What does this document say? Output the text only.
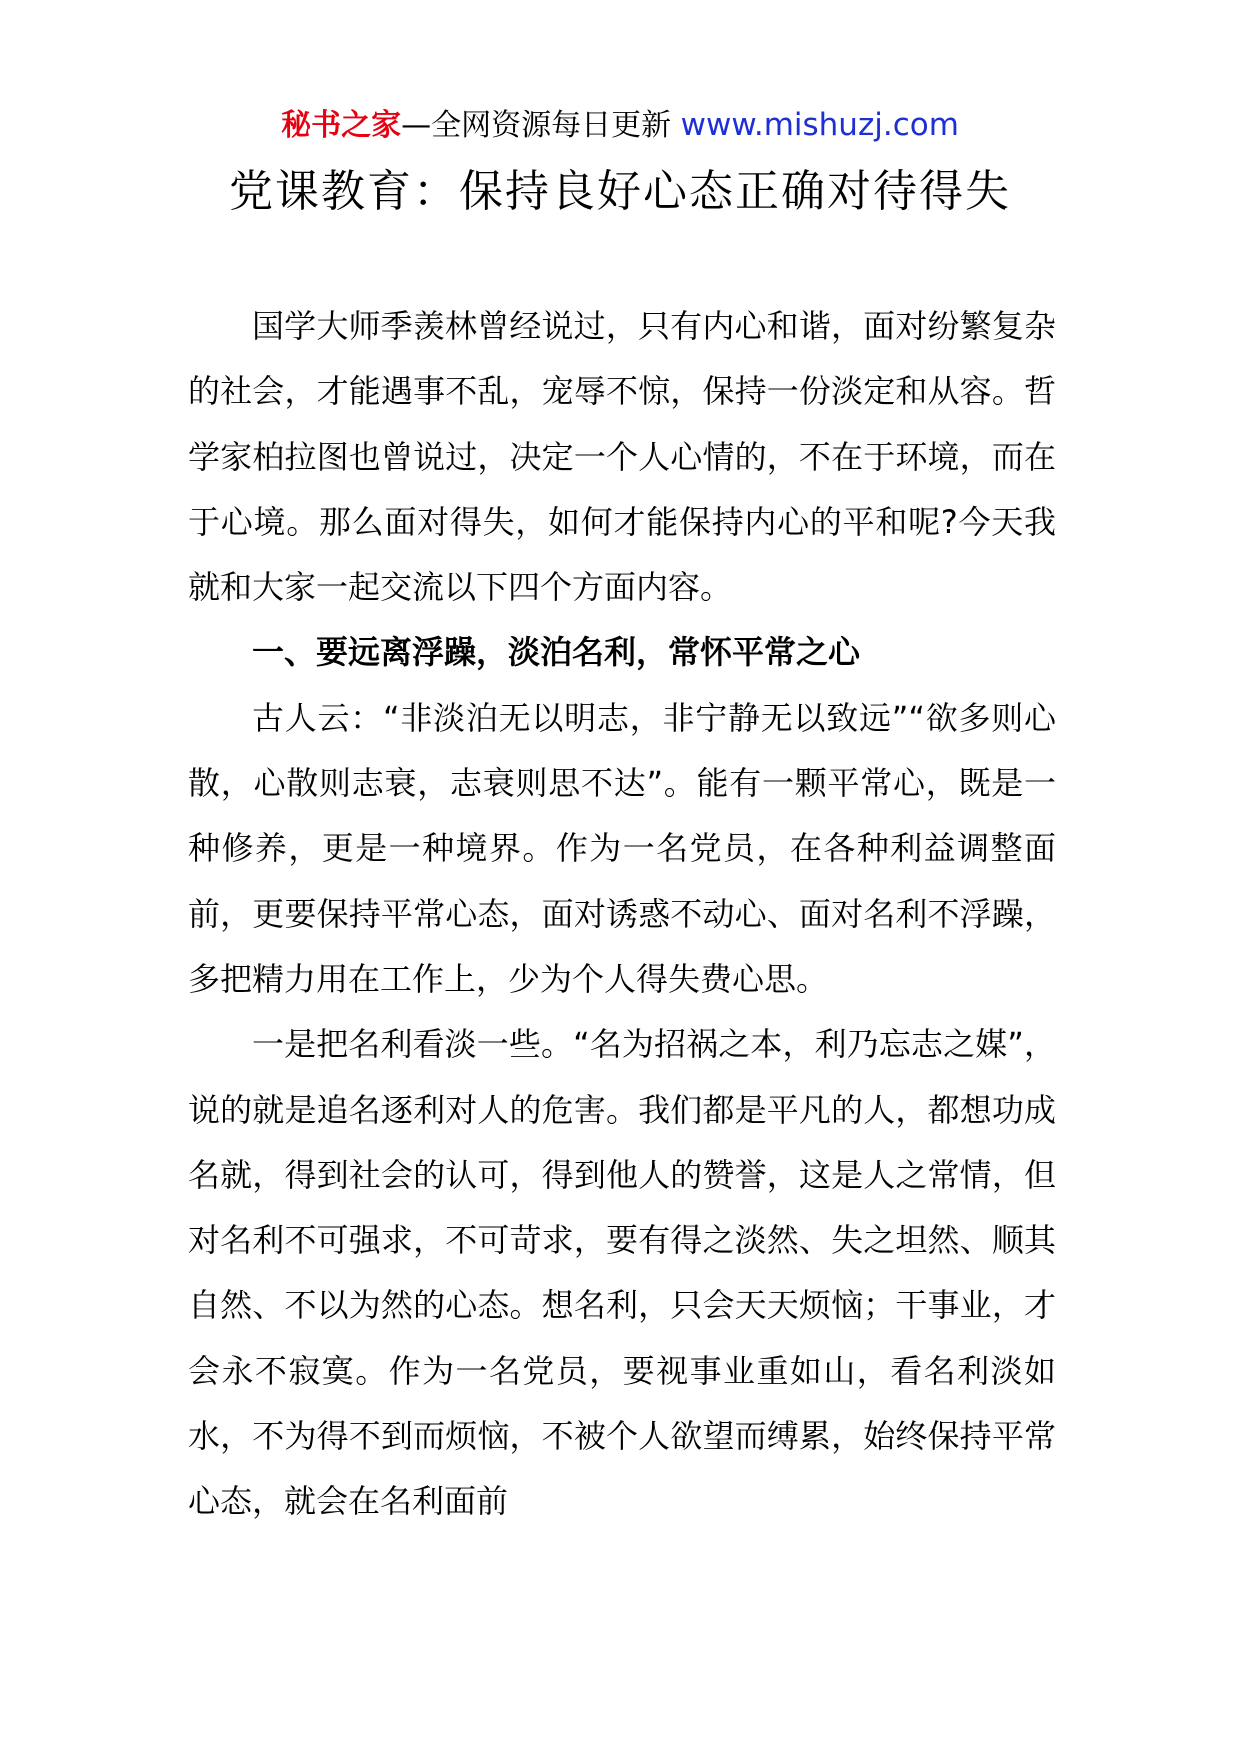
秘书之家—全网资源每日更新 www.mishuzj.com
党课教育：保持良好心态正确对待得失

国学大师季羡林曾经说过，只有内心和谐，面对纷繁复杂的社会，才能遇事不乱，宠辱不惊，保持一份淡定和从容。哲学家柏拉图也曾说过，决定一个人心情的，不在于环境，而在于心境。那么面对得失，如何才能保持内心的平和呢?今天我就和大家一起交流以下四个方面内容。

一、要远离浮躁，淡泊名利，常怀平常之心

古人云：“非淡泊无以明志，非宁静无以致远”“欲多则心散，心散则志衰，志衰则思不达”。能有一颗平常心，既是一种修养，更是一种境界。作为一名党员，在各种利益调整面前，更要保持平常心态，面对诱惑不动心、面对名利不浮躁，多把精力用在工作上，少为个人得失费心思。

一是把名利看淡一些。“名为招祸之本，利乃忘志之媒”，说的就是追名逐利对人的危害。我们都是平凡的人，都想功成名就，得到社会的认可，得到他人的赞誉，这是人之常情，但对名利不可强求，不可苛求，要有得之淡然、失之坦然、顺其自然、不以为然的心态。想名利，只会天天烦恼；干事业，才会永不寂寞。作为一名党员，要视事业重如山，看名利淡如水，不为得不到而烦恼，不被个人欲望而缚累，始终保持平常心态，就会在名利面前
